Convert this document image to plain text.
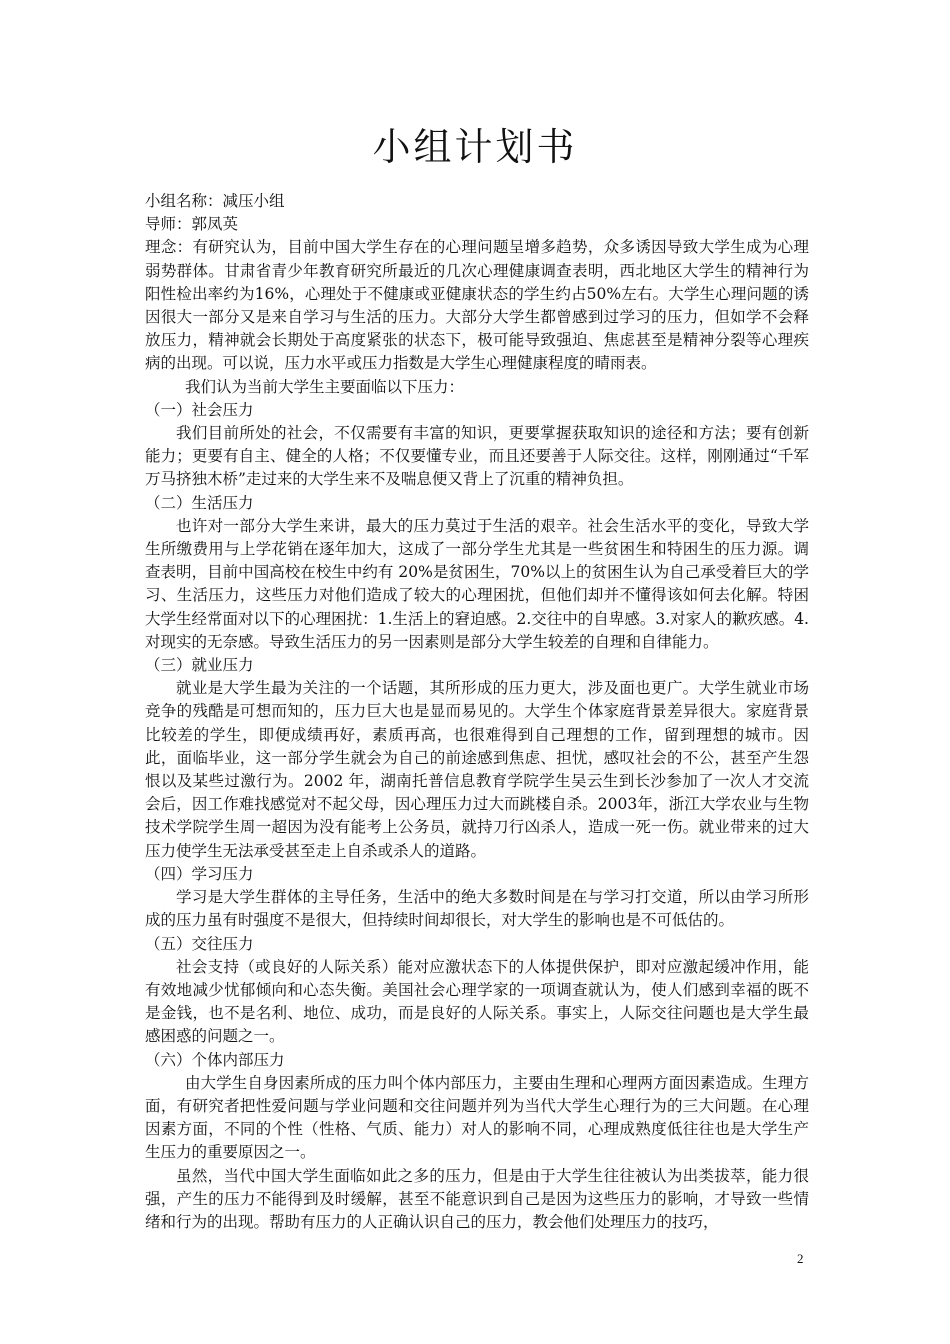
小组计划书

小组名称：减压小组

导师：郭凤英

理念：有研究认为，目前中国大学生存在的心理问题呈增多趋势，众多诱因导致大学生成为心理弱势群体。甘肃省青少年教育研究所最近的几次心理健康调查表明，西北地区大学生的精神行为阳性检出率约为16%，心理处于不健康或亚健康状态的学生约占50%左右。大学生心理问题的诱因很大一部分又是来自学习与生活的压力。大部分大学生都曾感到过学习的压力，但如学不会释放压力，精神就会长期处于高度紧张的状态下，极可能导致强迫、焦虑甚至是精神分裂等心理疾病的出现。可以说，压力水平或压力指数是大学生心理健康程度的晴雨表。

我们认为当前大学生主要面临以下压力：

（一）社会压力

我们目前所处的社会，不仅需要有丰富的知识，更要掌握获取知识的途径和方法；要有创新能力；更要有自主、健全的人格；不仅要懂专业，而且还要善于人际交往。这样，刚刚通过“千军万马挤独木桥”走过来的大学生来不及喘息便又背上了沉重的精神负担。

（二）生活压力

也许对一部分大学生来讲，最大的压力莫过于生活的艰辛。社会生活水平的变化，导致大学生所缴费用与上学花销在逐年加大，这成了一部分学生尤其是一些贫困生和特困生的压力源。调查表明，目前中国高校在校生中约有 20%是贫困生，70%以上的贫困生认为自己承受着巨大的学习、生活压力，这些压力对他们造成了较大的心理困扰，但他们却并不懂得该如何去化解。特困大学生经常面对以下的心理困扰：1.生活上的窘迫感。2.交往中的自卑感。3.对家人的歉疚感。4.对现实的无奈感。导致生活压力的另一因素则是部分大学生较差的自理和自律能力。

（三）就业压力

就业是大学生最为关注的一个话题，其所形成的压力更大，涉及面也更广。大学生就业市场竞争的残酷是可想而知的，压力巨大也是显而易见的。大学生个体家庭背景差异很大。家庭背景比较差的学生，即便成绩再好，素质再高，也很难得到自己理想的工作，留到理想的城市。因此，面临毕业，这一部分学生就会为自己的前途感到焦虑、担忧，感叹社会的不公，甚至产生怨恨以及某些过激行为。2002 年，湖南托普信息教育学院学生吴云生到长沙参加了一次人才交流会后，因工作难找感觉对不起父母，因心理压力过大而跳楼自杀。2003年，浙江大学农业与生物技术学院学生周一超因为没有能考上公务员，就持刀行凶杀人，造成一死一伤。就业带来的过大压力使学生无法承受甚至走上自杀或杀人的道路。

（四）学习压力

学习是大学生群体的主导任务，生活中的绝大多数时间是在与学习打交道，所以由学习所形成的压力虽有时强度不是很大，但持续时间却很长，对大学生的影响也是不可低估的。

（五）交往压力

社会支持（或良好的人际关系）能对应激状态下的人体提供保护，即对应激起缓冲作用，能有效地减少忧郁倾向和心态失衡。美国社会心理学家的一项调查就认为，使人们感到幸福的既不是金钱，也不是名利、地位、成功，而是良好的人际关系。事实上，人际交往问题也是大学生最感困惑的问题之一。

（六）个体内部压力

由大学生自身因素所成的压力叫个体内部压力，主要由生理和心理两方面因素造成。生理方面，有研究者把性爱问题与学业问题和交往问题并列为当代大学生心理行为的三大问题。在心理因素方面，不同的个性（性格、气质、能力）对人的影响不同，心理成熟度低往往也是大学生产生压力的重要原因之一。

虽然，当代中国大学生面临如此之多的压力，但是由于大学生往往被认为出类拔萃，能力很强，产生的压力不能得到及时缓解，甚至不能意识到自己是因为这些压力的影响，才导致一些情绪和行为的出现。帮助有压力的人正确认识自己的压力，教会他们处理压力的技巧，

2
